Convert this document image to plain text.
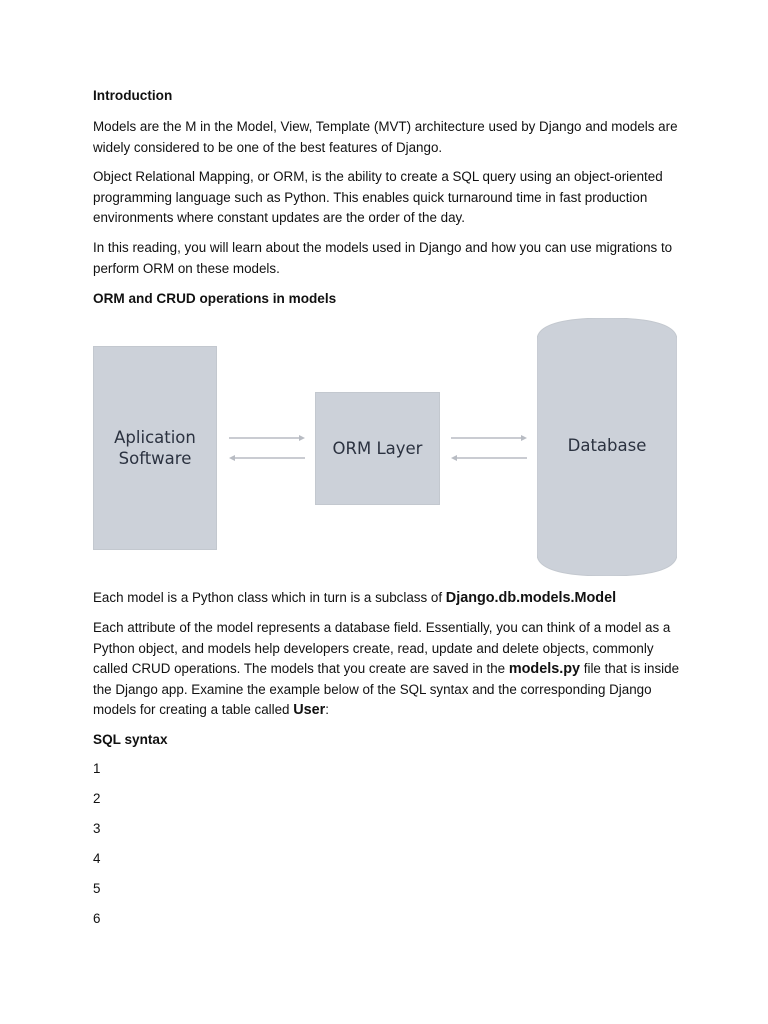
Introduction
Models are the M in the Model, View, Template (MVT) architecture used by Django and models are widely considered to be one of the best features of Django.
Object Relational Mapping, or ORM, is the ability to create a SQL query using an object-oriented programming language such as Python. This enables quick turnaround time in fast production environments where constant updates are the order of the day.
In this reading, you will learn about the models used in Django and how you can use migrations to perform ORM on these models.
ORM and CRUD operations in models
Aplication
Software
ORM Layer	Database
Each model is a Python class which in turn is a subclass of Django.db.models.Model
Each attribute of the model represents a database field. Essentially, you can think of a model as a Python object, and models help developers create, read, update and delete objects, commonly called CRUD operations. The models that you create are saved in the models.py file that is inside the Django app. Examine the example below of the SQL syntax and the corresponding Django models for creating a table called User:
SQL syntax
1
2
3
4
5
6
